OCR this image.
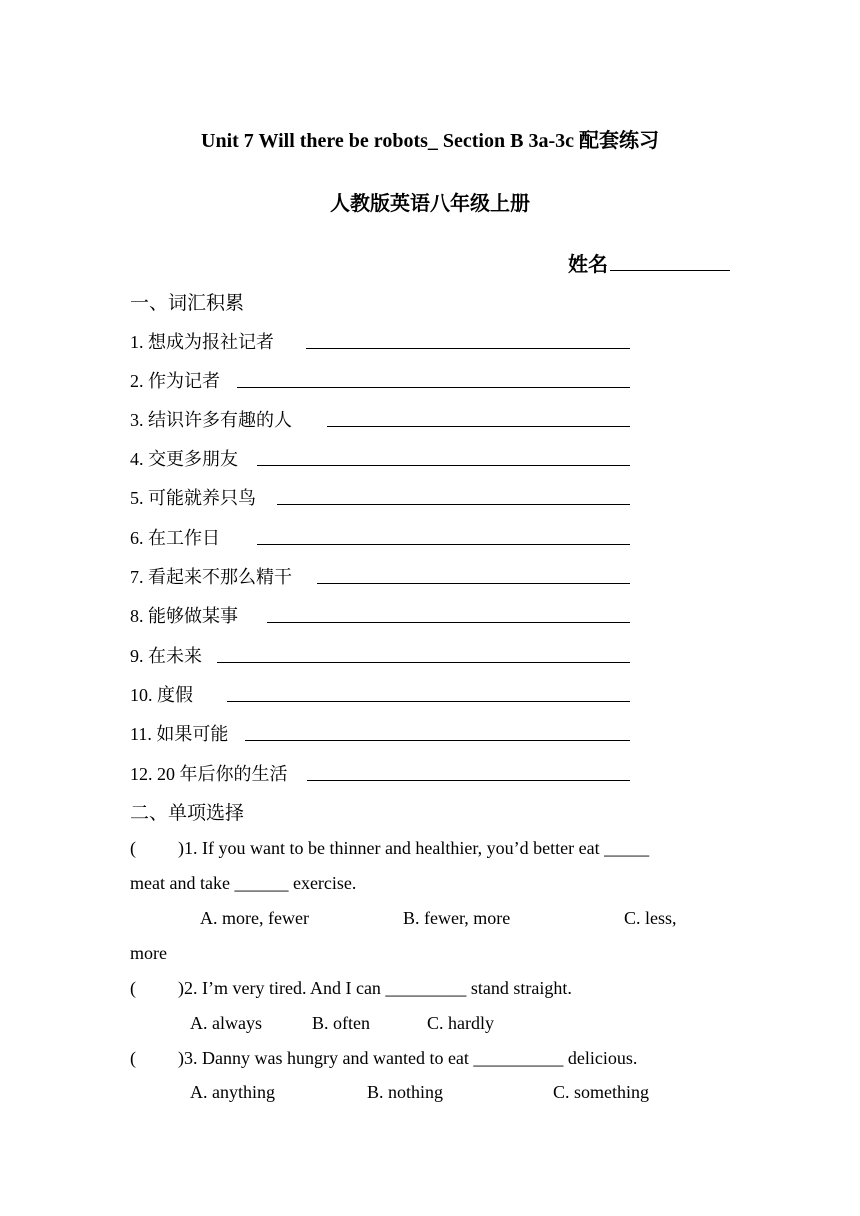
Unit 7 Will there be robots_ Section B 3a-3c 配套练习
人教版英语八年级上册
姓名
一、词汇积累
1. 想成为报社记者
2. 作为记者
3. 结识许多有趣的人
4. 交更多朋友
5. 可能就养只鸟
6. 在工作日
7. 看起来不那么精干
8. 能够做某事
9. 在未来
10. 度假
11. 如果可能
12. 20 年后你的生活
二、单项选择
( )1. If you want to be thinner and healthier, you’d better eat _____
meat and take ______ exercise.
A. more, fewer	B. fewer, more	C. less,
more
( )2. I’m very tired. And I can _________ stand straight.
A. always	B. often	C. hardly
( )3. Danny was hungry and wanted to eat __________ delicious.
A. anything	B. nothing	C. something
